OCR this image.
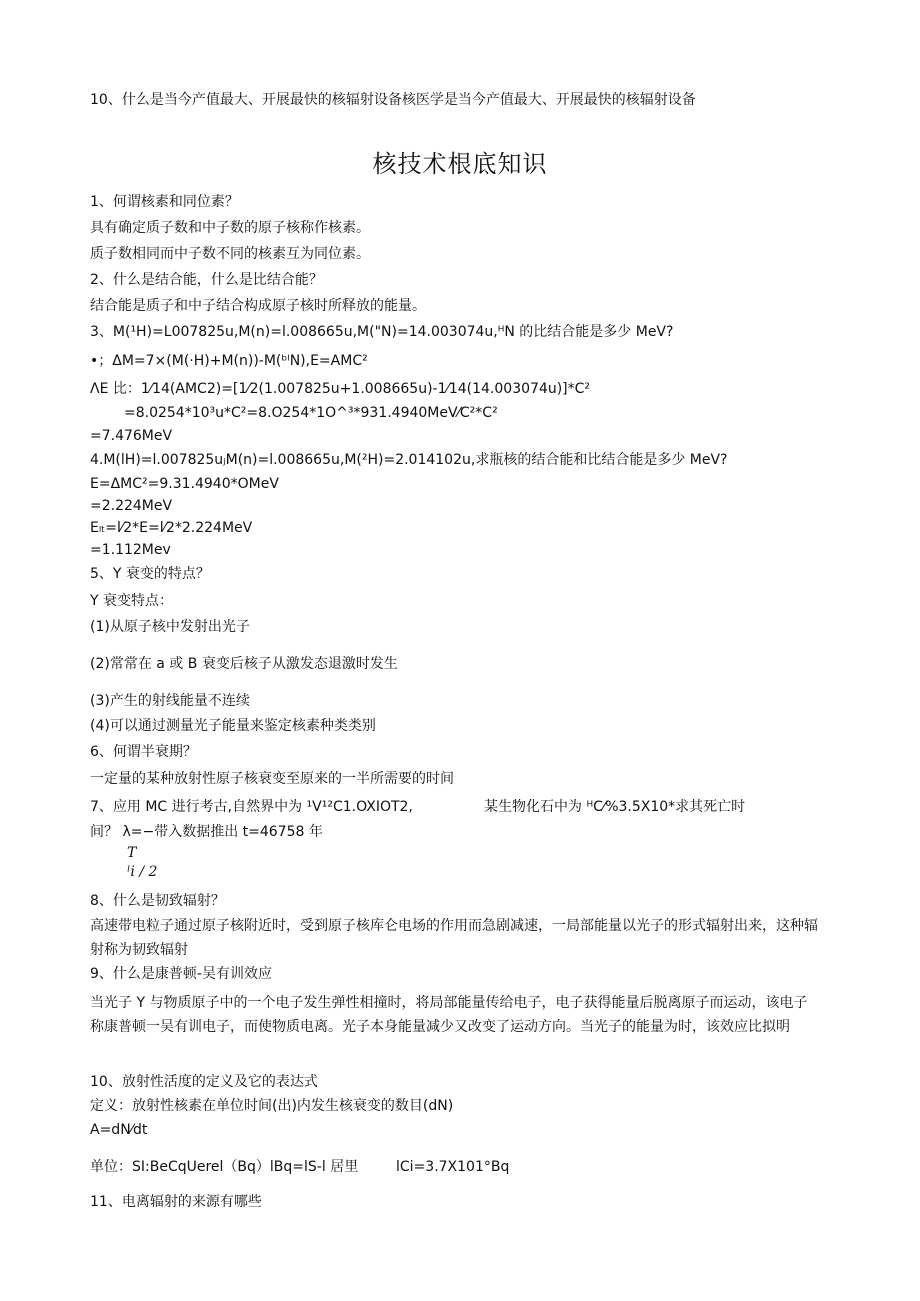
10、什么是当今产值最大、开展最快的核辐射设备核医学是当今产值最大、开展最快的核辐射设备
核技术根底知识
1、何谓核素和同位素？
具有确定质子数和中子数的原子核称作核素。
质子数相同而中子数不同的核素互为同位素。
2、什么是结合能，什么是比结合能？
结合能是质子和中子结合构成原子核时所释放的能量。
3、M(¹H)=L007825u,M(n)=l.008665u,M("N)=14.003074u,ᴴN 的比结合能是多少 MeV?
•；ΔM=7×(M(·H)+M(n))-M(ᵇˡN),E=AMC²
ΛE 比：1⁄14(AMC2)=[1⁄2(1.007825u+1.008665u)-1⁄14(14.003074u)]*C²
=8.0254*10³u*C²=8.O254*1O^³*931.4940MeV⁄C²*C²
=7.476MeV
4.M(lH)=l.007825uⱼM(n)=l.008665u,M(²H)=2.014102u,求瓶核的结合能和比结合能是多少 MeV?
E=ΔMC²=9.31.4940*OMeV
=2.224MeV
Eₗₜ=l⁄2*E=l⁄2*2.224MeV
=1.112Mev
5、Y 衰变的特点？
Y 衰变特点：
(1)从原子核中发射出光子
(2)常常在 a 或 B 衰变后核子从激发态退激时发生
(3)产生的射线能量不连续
(4)可以通过测量光子能量来鉴定核素种类类别
6、何谓半衰期？
一定量的某种放射性原子核衰变至原来的一半所需要的时间
7、应用 MC 进行考古,自然界中为 ¹V¹²C1.OXIOT2,	某生物化石中为 ᴴC⁄%3.5X10*求其死亡时
间？ λ=−带入数据推出 t=46758 年
T
ˡi / 2
8、什么是韧致辐射？
高速带电粒子通过原子核附近时，受到原子核库仑电场的作用而急剧减速，一局部能量以光子的形式辐射出来，这种辐射称为韧致辐射
9、什么是康普顿-吴有训效应
当光子 Y 与物质原子中的一个电子发生弹性相撞时，将局部能量传给电子，电子获得能量后脱离原子而运动，该电子称康普顿一吴有训电子，而使物质电离。光子本身能量减少又改变了运动方向。当光子的能量为时，该效应比拟明
10、放射性活度的定义及它的表达式
定义：放射性核素在单位时间(出)内发生核衰变的数目(dN)
A=dN⁄dt
单位：SI:BeCqUerel（Bq）lBq=lS-l 居里	lCi=3.7X101°Bq
11、电离辐射的来源有哪些
